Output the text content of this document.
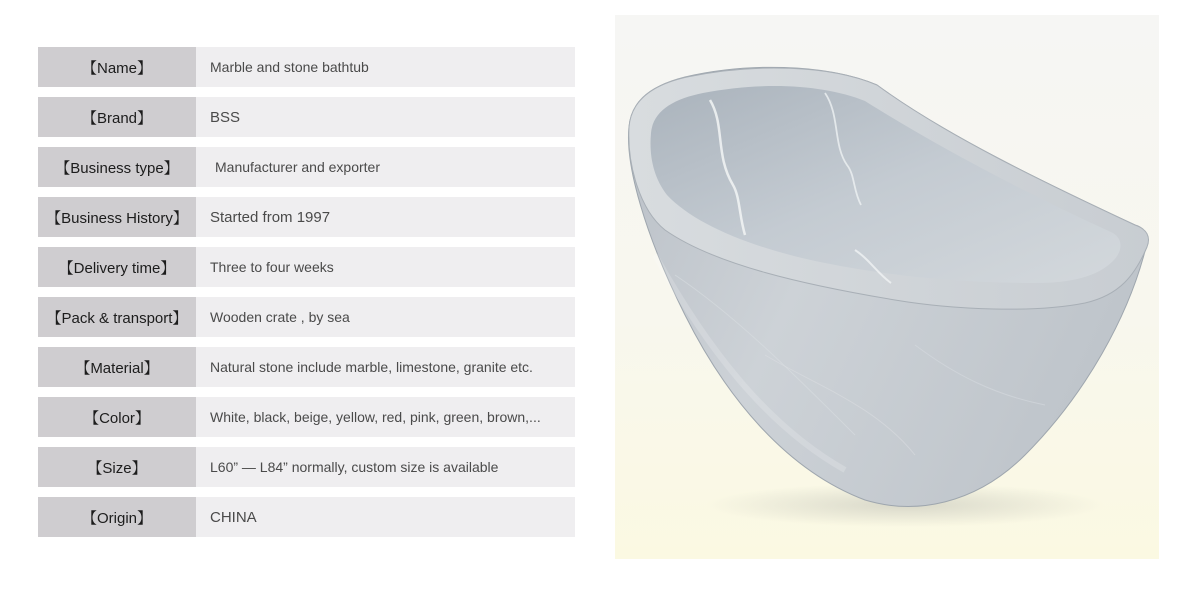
【Name】	Marble and stone bathtub
【Brand】	BSS
【Business type】	Manufacturer and exporter
【Business History】	Started from 1997
【Delivery time】	Three to four weeks
【Pack & transport】	Wooden crate , by sea
【Material】	Natural stone include marble, limestone, granite etc.
【Color】	White, black, beige, yellow, red, pink, green, brown,...
【Size】	L60” — L84” normally, custom size is available
【Origin】	CHINA
